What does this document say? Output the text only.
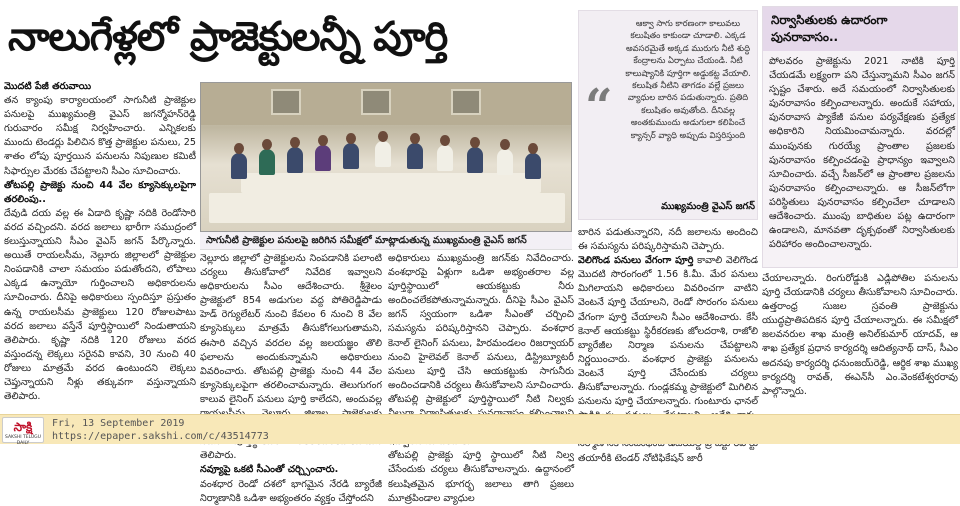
నాలుగేళ్లలో ప్రాజెక్టులన్నీ పూర్తి

మొదటి పేజీ తరువాయి

తన క్యాంపు కార్యాలయంలో సాగునీటి ప్రాజెక్టుల పనులపై ముఖ్యమంత్రి వైఎస్ జగన్మోహన్‌రెడ్డి గురువారం సమీక్ష నిర్వహించారు. ఎన్నికలకు ముందు టెండర్లు పిలిచిన కొత్త ప్రాజెక్టుల పనులు, 25 శాతం లోపు పూర్తయిన పనులను నిపుణుల కమిటీ సిఫార్సుల మేరకు చేపట్టాలని సీఎం సూచించారు.

తోటపల్లి ప్రాజెక్టు నుంచి 44 వేల క్యూసెక్కులపైగా తరలింపు..

దేవుడి దయ వల్ల ఈ ఏడాది కృష్ణా నదికి రెండోసారి వరద వచ్చిందని. వరద జలాలు భారీగా సముద్రంలో కలుస్తున్నాయని సీఎం వైఎస్ జగన్ పేర్కొన్నారు. అయితే రాయలసీమ, నెల్లూరు జిల్లాలలో ప్రాజెక్టుల నింపడానికి చాలా సమయం పడుతోందని, లోపాలు ఎక్కడ ఉన్నాయో గుర్తించాలని అధికారులను సూచించారు. దీనిపై అధికారులు స్పందిస్తూ ప్రస్తుతం ఉన్న రాయలసీమ ప్రాజెక్టులు 120 రోజులపాటు వరద జలాలు వస్తేనే పూర్తిస్థాయిలో నిండుతాయని తెలిపారు. కృష్ణా నదికి 120 రోజులు వరద వస్తుందన్న లెక్కలు సరైనవి కావని, 30 నుంచి 40 రోజులు మాత్రమే వరద ఉంటుందని లెక్కలు చెప్తున్నాయని నీళ్లు తక్కువగా వస్తున్నాయని తెలిపారు.

సాగునీటి ప్రాజెక్టుల పనులపై జరిగిన సమీక్షలో మాట్లాడుతున్న ముఖ్యమంత్రి వైఎస్ జగన్

నెల్లూరు జిల్లాలో ప్రాజెక్టులను నింపడానికి పలాంటి చర్యలు తీసుకోవాలో నివేదిక ఇవ్వాలని అధికారులను సీఎం ఆదేశించారు. శ్రీశైలం ప్రాజెక్టులో 854 అడుగుల వద్ద పోతిరెడ్డిపాడు హెడ్ రెగ్యులేటర్ నుంచి కేవలం 6 నుంచి 8 వేల క్యూసెక్కులు మాత్రమే తీసుకోగలుగుతామని, ఈసారి వచ్చిన వరదల వల్ల జలయజ్ఞం తొలి ఫలాలను అందుకున్నామని అధికారులు వివరించారు. తోటపల్లి ప్రాజెక్టు నుంచి 44 వేల క్యూసెక్కులపైగా తరలించామన్నారు. తెలుగుగంగ కాలువ లైనింగ్ పనులు పూర్తి కాలేదని, అందువల్ల తెలిపారు.

నవ్యూపై ఒకటి సీఎంతో చర్చ్సించారు.

వంశధార రెండో దశలో భాగమైన నేరడి బ్యారేజీ నిర్మాణానికి ఒడిశా అభ్యంతరం వ్యక్తం చేస్తోందని

అధికారులు ముఖ్యమంత్రి జగన్‌కు నివేదించారు. వంశధారపై ఏళ్లుగా ఒడిశా అభ్యంతరాల వల్ల పూర్తిస్థాయిలో ఆయకట్టుకు నీరు అందించలేకపోతున్నామన్నారు. దీనిపై సీఎం వైఎస్ జగన్ స్వయంగా ఒడిశా సీఎంతో చర్చించి సమస్యను పరిష్కరిస్తానని చెప్పారు. వంశధార కెనాల్ లైనింగ్ పనులు, హిరమండలం రిజర్వాయర్ నుంచి హైలెవల్ కెనాల్ పనులు, డిస్ట్రిబ్యూటరీ పనులు పూర్తి చేసి ఆయకట్టుకు సాగునీరు అందించడానికి చర్యలు తీసుకోవాలని సూచించారు. తోటపల్లి ప్రాజెక్టులో పూర్తిస్థాయిలో నీటి నిల్వకు

తోటపల్లి ప్రాజెక్టు పూర్తి స్థాయిలో నీటి నిల్వ చేసేందుకు చర్యలు తీసుకోవాలన్నారు. ఉద్దానంలో కలుషితమైన భూగర్భ జలాలు తాగి ప్రజలు మూత్రపిండాల వ్యాధుల

“
ఆక్వా సాగు కారణంగా కాలువలు కలుషితం కాకుండా చూడాలి. ఎక్కడ అవసరమైతే అక్కడ మురుగు నీటి శుద్ధి కేంద్రాలను ఏర్పాటు చేయండి. నీటి కాలుష్యానికి పూర్తిగా అడ్డుకట్ట వేయాలి. కలుషిత నీటిని తాగడం వల్లే ప్రజలు వ్యాధుల బారిన పడుతున్నారు. ప్రతిది కలుషితం అవుతోంది. దీనివల్ల అంతకుముందు అడుగులా కలిపించే క్యాన్సర్ వ్యాధి అప్పుడు విస్తరిస్తుంది
ముఖ్యమంత్రి వైఎస్ జగన్

బారిన పడుతున్నారని, నదీ జలాలను అందించి ఈ సమస్యను పరిష్కరిస్తామని చెప్పారు.

వెలిగొండ పనులు వేగంగా పూర్తి కావాలి వెలిగొండ మొదటి సొరంగంలో 1.56 కి.మీ. మేర పనులు మిగిలాయని అధికారులు వివరించగా వాటిని వెంటనే పూర్తి చేయాలని, రెండో సొరంగం పనులు వేగంగా పూర్తి చేయాలని సీఎం ఆదేశించారు. కేసీ కెనాల్ ఆయకట్టు స్థిరీకరణకు జోలదరాశి, రాజోలి బ్యారేజీల నిర్మాణ పనులను చేపట్టాలని నిర్ణయించారు. వంశధార ప్రాజెక్టు పనులను వెంటనే పూర్తి చేసేందుకు చర్యలు తీసుకోవాలన్నారు. గుండ్లకమ్మ ప్రాజెక్టులో మిగిలిన పనులను పూర్తి చేయాలన్నారు. గుంటూరు ఛానల్ తయారీకి టెండర్ నోటిఫికేషన్ జారీ

నిర్వాసితులకు ఉదారంగా పునరావాసం..
పోలవరం ప్రాజెక్టును 2021 నాటికి పూర్తి చేయడమే లక్ష్యంగా పని చేస్తున్నామని సీఎం జగన్ స్పష్టం చేశారు. అదే సమయంలో నిర్వాసితులకు పునరావాసం కల్పించాలన్నారు. అందుకే సహాయ, పునరావాస ప్యాకేజీ పనుల పర్యవేక్షణకు ప్రత్యేక అధికారిని నియమించామన్నారు. వరదల్లో ముంపునకు గురయ్యే ప్రాంతాల ప్రజలకు పునరావాసం కల్పించడంపై ప్రాధాన్యం ఇవ్వాలని సూచించారు. వచ్చే సీజన్‌లో ఆ ప్రాంతాల ప్రజలను పునరావాసం కల్పించాలన్నారు. ఆ సీజన్‌లోగా పరిస్థితులు పునరావాసం కల్పించేలా చూడాలని ఆదేశించారు. ముంపు బాధితుల పట్ల ఉదారంగా ఉండాలని, మానవతా దృక్పథంతో నిర్వాసితులకు పరిహారం అందించాలన్నారు.
చేయాలన్నారు. రింగురోడ్డుకి ఎడ్లిపోతిల పనులను పూర్తి చేయడానికి చర్యలు తీసుకోవాలని సూచించారు. ఉత్తరాంధ్ర సుజల స్రవంతి ప్రాజెక్టును యుద్ధప్రాతిపదికన పూర్తి చేయాలన్నారు. ఈ సమీక్షలో జలవనరుల శాఖ మంత్రి అనిల్‌కుమార్ యాదవ్, ఆ శాఖ ప్రత్యేక ప్రధాన కార్యదర్శి ఆదిత్యనాథ్ దాస్, సీఎం అదనపు కార్యదర్శి ధనుంజయ్‌రెడ్డి, ఆర్థిక శాఖ ముఖ్య కార్యదర్శి రావత్, ఈఎన్‌సీ ఎం.వెంకటేశ్వరరావు పాల్గొన్నారు.
సాక్షి
SAKSHI TELUGU DAILY
Fri, 13 September 2019
https://epaper.sakshi.com/c/43514773
